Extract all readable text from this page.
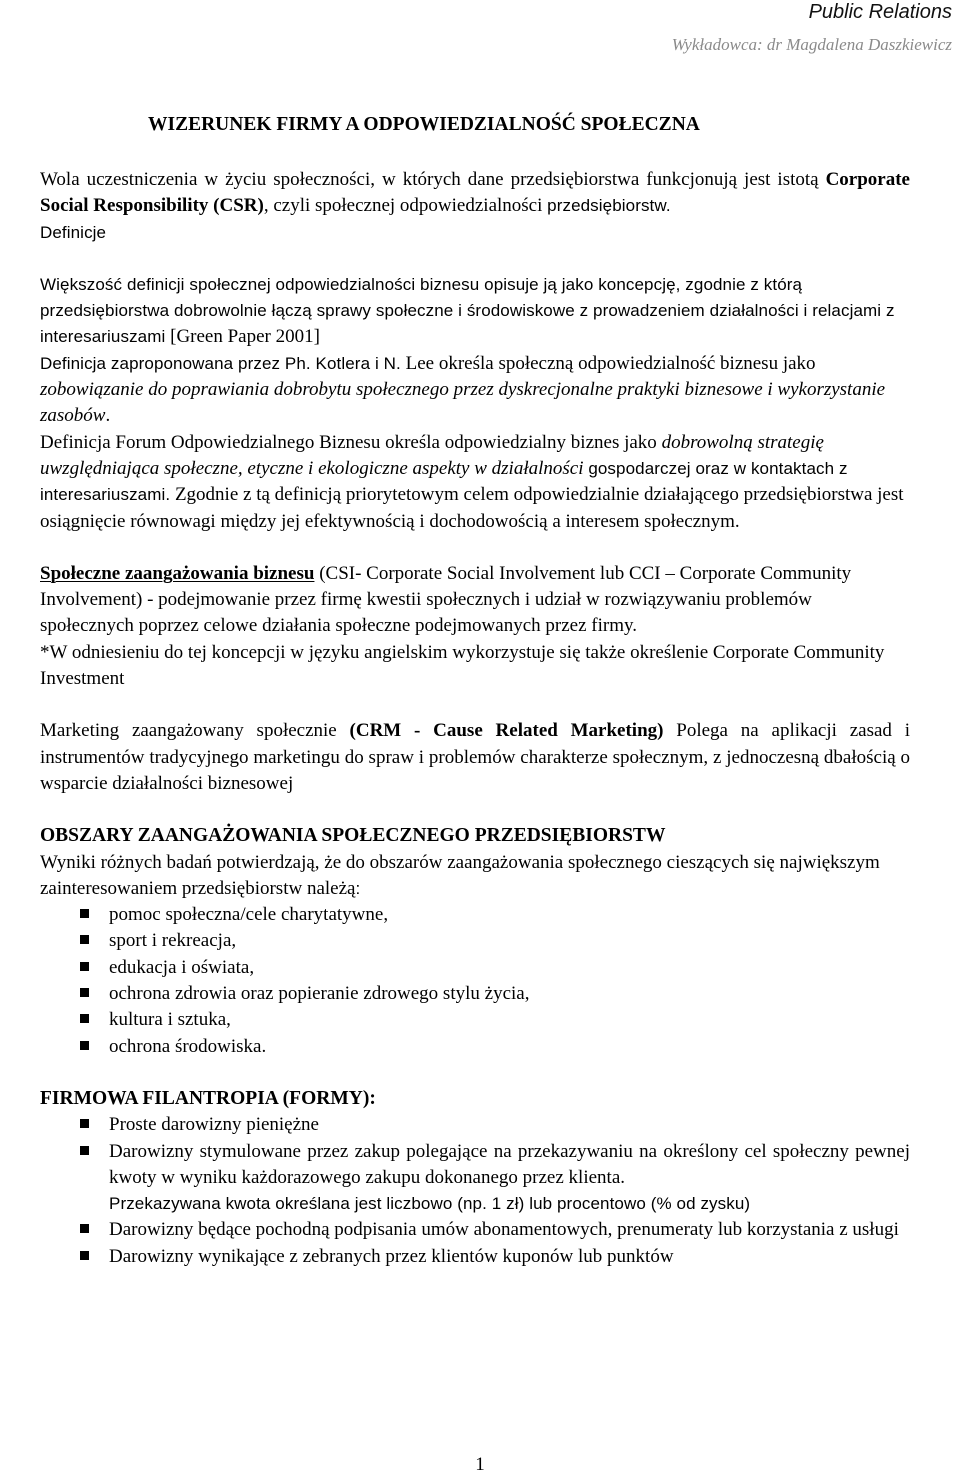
Public Relations
Wykładowca: dr Magdalena Daszkiewicz
WIZERUNEK FIRMY A ODPOWIEDZIALNOŚĆ SPOŁECZNA

Wola uczestniczenia w życiu społeczności, w których dane przedsiębiorstwa funkcjonują jest istotą Corporate Social Responsibility (CSR), czyli społecznej odpowiedzialności przedsiębiorstw.

Definicje

Większość definicji społecznej odpowiedzialności biznesu opisuje ją jako koncepcję, zgodnie z którą przedsiębiorstwa dobrowolnie łączą sprawy społeczne i środowiskowe z prowadzeniem działalności i relacjami z interesariuszami [Green Paper 2001]
Definicja zaproponowana przez Ph. Kotlera i N. Lee określa społeczną odpowiedzialność biznesu jako zobowiązanie do poprawiania dobrobytu społecznego przez dyskrecjonalne praktyki biznesowe i wykorzystanie zasobów.
Definicja Forum Odpowiedzialnego Biznesu określa odpowiedzialny biznes jako dobrowolną strategię uwzględniająca społeczne, etyczne i ekologiczne aspekty w działalności gospodarczej oraz w kontaktach z interesariuszami. Zgodnie z tą definicją priorytetowym celem odpowiedzialnie działającego przedsiębiorstwa jest osiągnięcie równowagi między jej efektywnością i dochodowością a interesem społecznym.

Społeczne zaangażowania biznesu (CSI- Corporate Social Involvement lub CCI – Corporate Community Involvement) - podejmowanie przez firmę kwestii społecznych i udział w rozwiązywaniu problemów społecznych poprzez celowe działania społeczne podejmowanych przez firmy.

*W odniesieniu do tej koncepcji w języku angielskim wykorzystuje się także określenie Corporate Community Investment

Marketing zaangażowany społecznie (CRM - Cause Related Marketing) Polega na aplikacji zasad i instrumentów tradycyjnego marketingu do spraw i problemów charakterze społecznym, z jednoczesną dbałością o wsparcie działalności biznesowej

OBSZARY ZAANGAŻOWANIA SPOŁECZNEGO PRZEDSIĘBIORSTW

Wyniki różnych badań potwierdzają, że do obszarów zaangażowania społecznego cieszących się największym zainteresowaniem przedsiębiorstw należą:

pomoc społeczna/cele charytatywne,
sport i rekreacja,
edukacja i oświata,
ochrona zdrowia oraz popieranie zdrowego stylu życia,
kultura i sztuka,
ochrona środowiska.

FIRMOWA FILANTROPIA (FORMY):

Proste darowizny pieniężne
Darowizny stymulowane przez zakup polegające na przekazywaniu na określony cel społeczny pewnej kwoty w wyniku każdorazowego zakupu dokonanego przez klienta.
Przekazywana kwota określana jest liczbowo (np. 1 zł) lub procentowo (% od zysku)
Darowizny będące pochodną podpisania umów abonamentowych, prenumeraty lub korzystania z usługi
Darowizny wynikające z zebranych przez klientów kuponów lub punktów
1
